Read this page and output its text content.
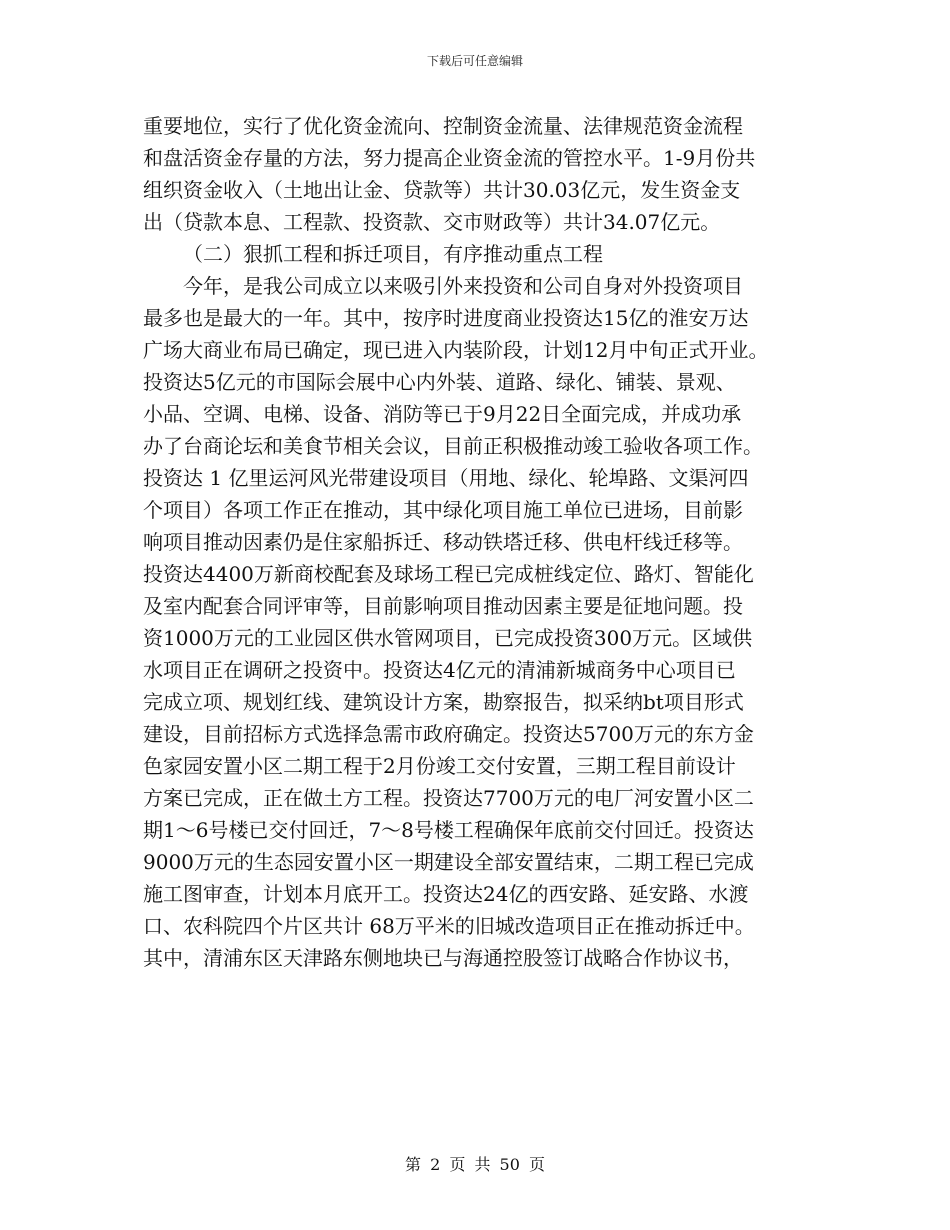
下载后可任意编辑
重要地位，实行了优化资金流向、控制资金流量、法律规范资金流程
和盘活资金存量的方法，努力提高企业资金流的管控水平。1-9月份共
组织资金收入（土地出让金、贷款等）共计30.03亿元，发生资金支
出（贷款本息、工程款、投资款、交市财政等）共计34.07亿元。
（二）狠抓工程和拆迁项目，有序推动重点工程
今年，是我公司成立以来吸引外来投资和公司自身对外投资项目
最多也是最大的一年。其中，按序时进度商业投资达15亿的淮安万达
广场大商业布局已确定，现已进入内装阶段，计划12月中旬正式开业。
投资达5亿元的市国际会展中心内外装、道路、绿化、铺装、景观、
小品、空调、电梯、设备、消防等已于9月22日全面完成，并成功承
办了台商论坛和美食节相关会议，目前正积极推动竣工验收各项工作。
投资达 1 亿里运河风光带建设项目（用地、绿化、轮埠路、文渠河四
个项目）各项工作正在推动，其中绿化项目施工单位已进场，目前影
响项目推动因素仍是住家船拆迁、移动铁塔迁移、供电杆线迁移等。
投资达4400万新商校配套及球场工程已完成桩线定位、路灯、智能化
及室内配套合同评审等，目前影响项目推动因素主要是征地问题。投
资1000万元的工业园区供水管网项目，已完成投资300万元。区域供
水项目正在调研之投资中。投资达4亿元的清浦新城商务中心项目已
完成立项、规划红线、建筑设计方案，勘察报告，拟采纳bt项目形式
建设，目前招标方式选择急需市政府确定。投资达5700万元的东方金
色家园安置小区二期工程于2月份竣工交付安置，三期工程目前设计
方案已完成，正在做土方工程。投资达7700万元的电厂河安置小区二
期1～6号楼已交付回迁，7～8号楼工程确保年底前交付回迁。投资达
9000万元的生态园安置小区一期建设全部安置结束，二期工程已完成
施工图审查，计划本月底开工。投资达24亿的西安路、延安路、水渡
口、农科院四个片区共计 68万平米的旧城改造项目正在推动拆迁中。
其中，清浦东区天津路东侧地块已与海通控股签订战略合作协议书，
第 2 页 共 50 页
